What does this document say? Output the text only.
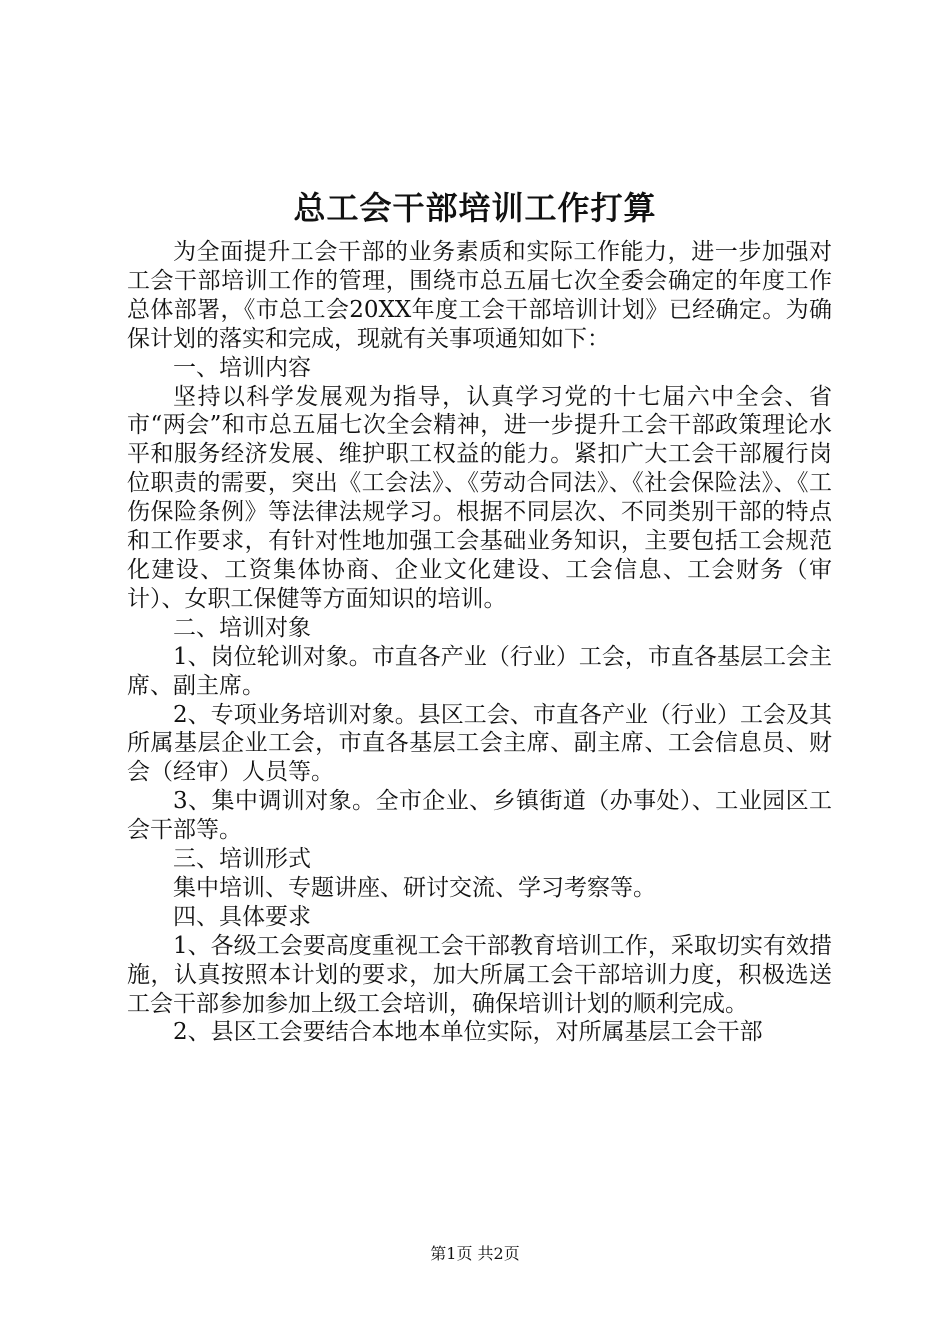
总工会干部培训工作打算

为全面提升工会干部的业务素质和实际工作能力，进一步加强对工会干部培训工作的管理，围绕市总五届七次全委会确定的年度工作总体部署，《市总工会20XX年度工会干部培训计划》已经确定。为确保计划的落实和完成，现就有关事项通知如下：

一、培训内容

坚持以科学发展观为指导，认真学习党的十七届六中全会、省市“两会”和市总五届七次全会精神，进一步提升工会干部政策理论水平和服务经济发展、维护职工权益的能力。紧扣广大工会干部履行岗位职责的需要，突出《工会法》、《劳动合同法》、《社会保险法》、《工伤保险条例》等法律法规学习。根据不同层次、不同类别干部的特点和工作要求，有针对性地加强工会基础业务知识，主要包括工会规范化建设、工资集体协商、企业文化建设、工会信息、工会财务（审计）、女职工保健等方面知识的培训。

二、培训对象

1、岗位轮训对象。市直各产业（行业）工会，市直各基层工会主席、副主席。

2、专项业务培训对象。县区工会、市直各产业（行业）工会及其所属基层企业工会，市直各基层工会主席、副主席、工会信息员、财会（经审）人员等。

3、集中调训对象。全市企业、乡镇街道（办事处）、工业园区工会干部等。

三、培训形式

集中培训、专题讲座、研讨交流、学习考察等。

四、具体要求

1、各级工会要高度重视工会干部教育培训工作，采取切实有效措施，认真按照本计划的要求，加大所属工会干部培训力度，积极选送工会干部参加参加上级工会培训，确保培训计划的顺利完成。

2、县区工会要结合本地本单位实际，对所属基层工会干部

第1页 共2页
